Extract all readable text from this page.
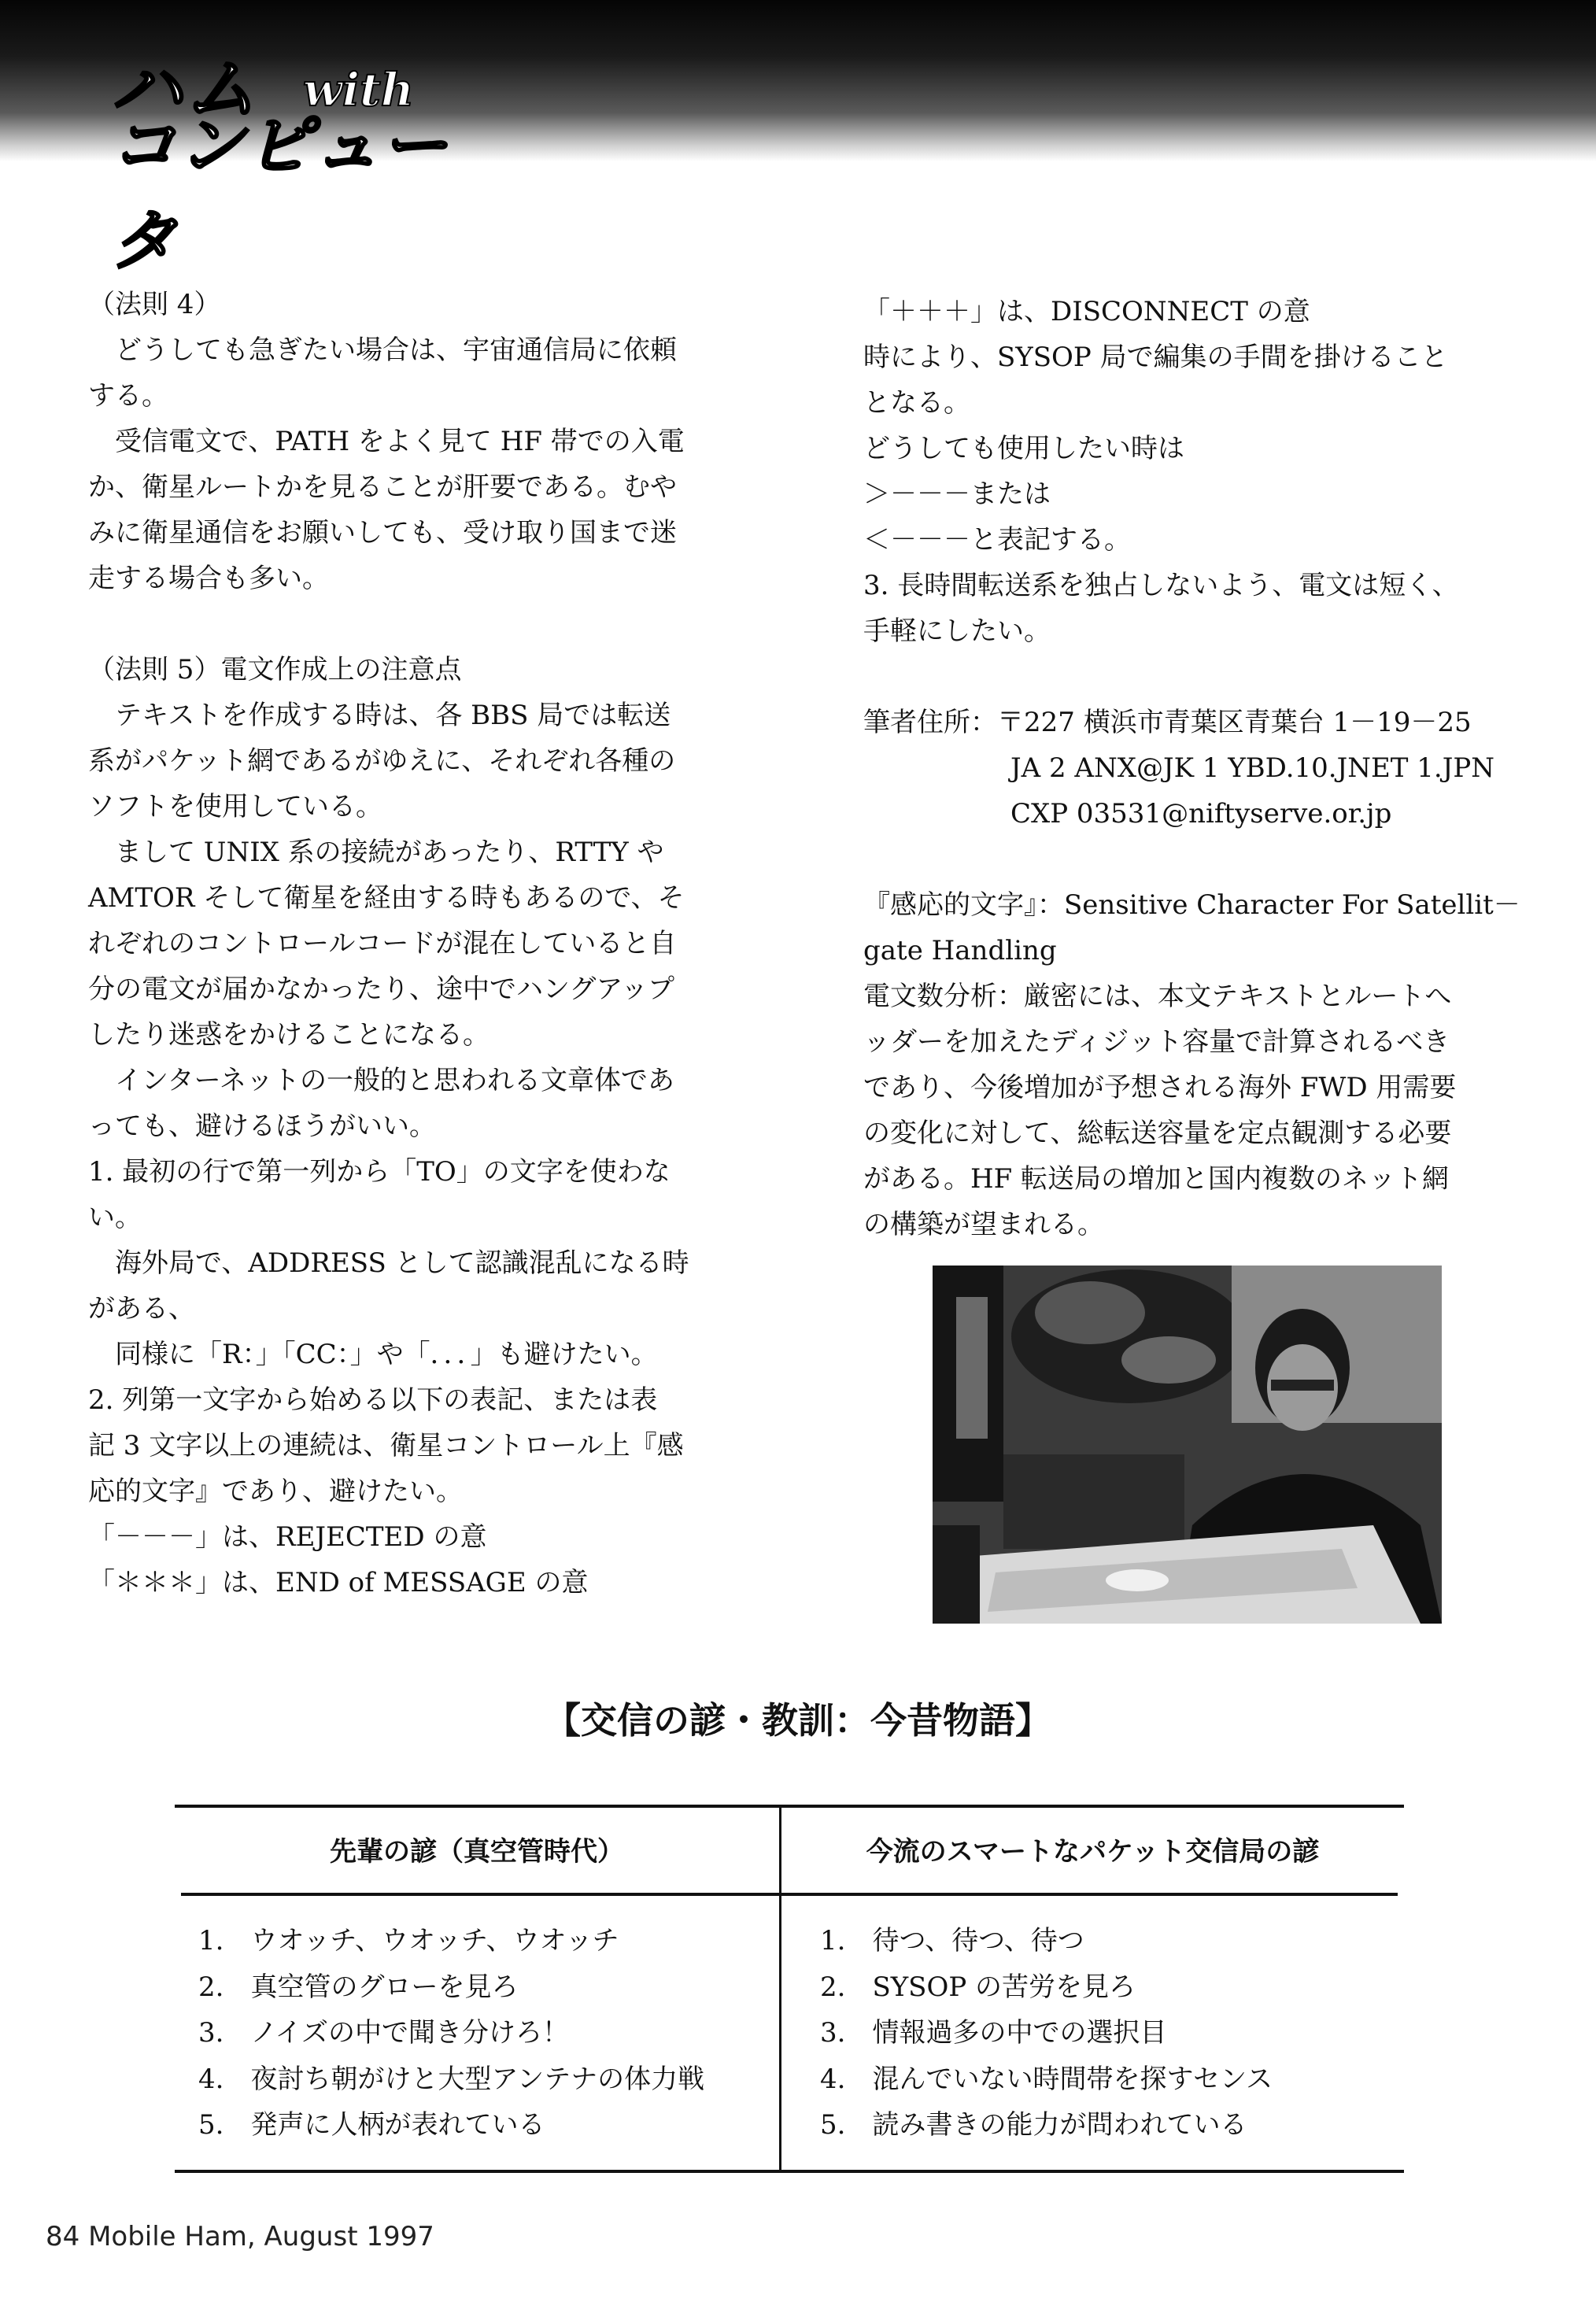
ハム with
コンピュータ

（法則 4）

　どうしても急ぎたい場合は、宇宙通信局に依頼

する。

　受信電文で、PATH をよく見て HF 帯での入電

か、衛星ルートかを見ることが肝要である。むや

みに衛星通信をお願いしても、受け取り国まで迷

走する場合も多い。

（法則 5）電文作成上の注意点

　テキストを作成する時は、各 BBS 局では転送

系がパケット網であるがゆえに、それぞれ各種の

ソフトを使用している。

　まして UNIX 系の接続があったり、RTTY や

AMTOR そして衛星を経由する時もあるので、そ

れぞれのコントロールコードが混在していると自

分の電文が届かなかったり、途中でハングアップ

したり迷惑をかけることになる。

　インターネットの一般的と思われる文章体であ

っても、避けるほうがいい。

1. 最初の行で第一列から「TO」の文字を使わな

い。

　海外局で、ADDRESS として認識混乱になる時

がある、

　同様に「R：」「CC：」や「．．．」も避けたい。

2. 列第一文字から始める以下の表記、または表

記 3 文字以上の連続は、衛星コントロール上『感

応的文字』であり、避けたい。

「－－－」は、REJECTED の意

「＊＊＊」は、END of MESSAGE の意

「＋＋＋」は、DISCONNECT の意

時により、SYSOP 局で編集の手間を掛けること

となる。

どうしても使用したい時は

＞－－－または

＜－－－と表記する。

3. 長時間転送系を独占しないよう、電文は短く、

手軽にしたい。

筆者住所：〒227 横浜市青葉区青葉台 1－19－25

JA 2 ANX@JK 1 YBD.10.JNET 1.JPN

CXP 03531@niftyserve.or.jp

『感応的文字』：Sensitive Character For Satellit－

gate Handling

電文数分析：厳密には、本文テキストとルートへ

ッダーを加えたディジット容量で計算されるべき

であり、今後増加が予想される海外 FWD 用需要

の変化に対して、総転送容量を定点観測する必要

がある。HF 転送局の増加と国内複数のネット網

の構築が望まれる。

【交信の諺・教訓：今昔物語】
先輩の諺（真空管時代）	今流のスマートなパケット交信局の諺
1.　ウオッチ、ウオッチ、ウオッチ
2.　真空管のグローを見ろ
3.　ノイズの中で聞き分けろ！
4.　夜討ち朝がけと大型アンテナの体力戦
5.　発声に人柄が表れている
1.　待つ、待つ、待つ
2.　SYSOP の苦労を見ろ
3.　情報過多の中での選択目
4.　混んでいない時間帯を探すセンス
5.　読み書きの能力が問われている
84 Mobile Ham, August 1997
